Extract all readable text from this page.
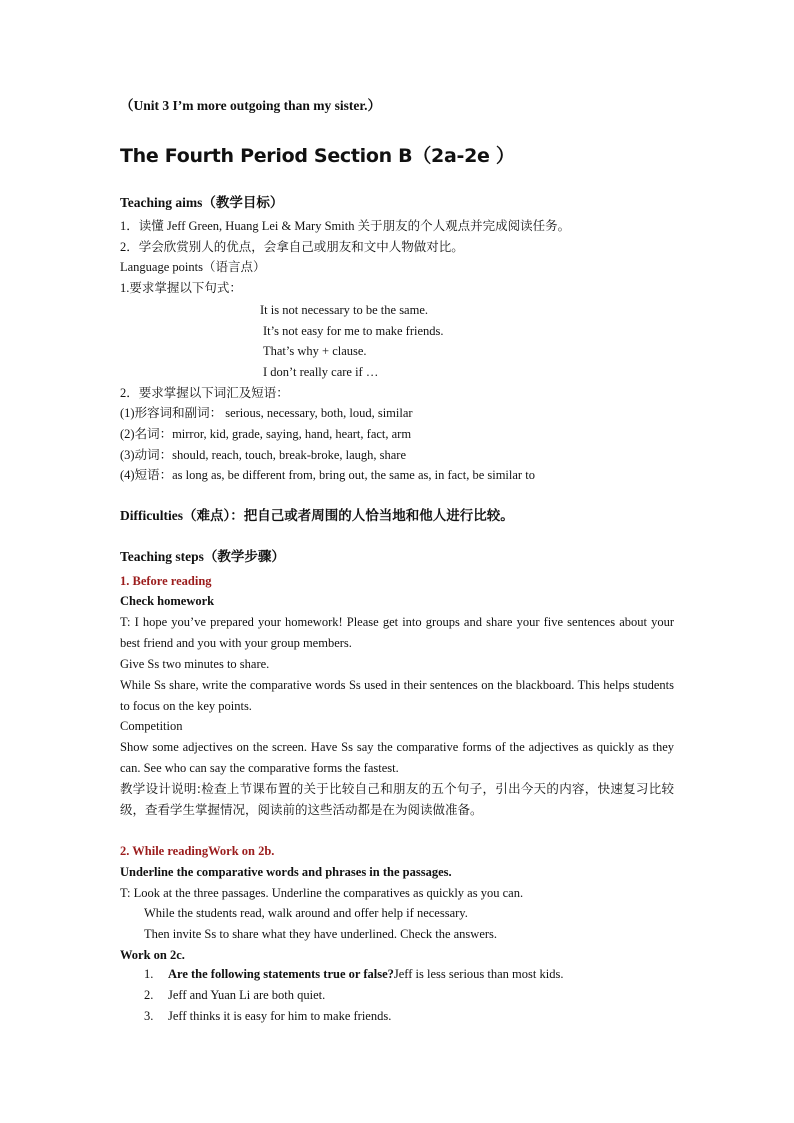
（Unit 3 I’m more outgoing than my sister.）
The Fourth Period Section B（2a-2e ）
Teaching aims（教学目标）
1．读懂 Jeff Green, Huang Lei & Mary Smith 关于朋友的个人观点并完成阅读任务。
2．学会欣赏别人的优点，会拿自己或朋友和文中人物做对比。
Language points（语言点）
1.要求掌握以下句式：
It is not necessary to be the same.
It’s not easy for me to make friends.
That’s why + clause.
I don’t really care if …
2．要求掌握以下词汇及短语：
(1)形容词和副词： serious, necessary, both, loud, similar
(2)名词：mirror, kid, grade, saying, hand, heart, fact, arm
(3)动词：should, reach, touch, break-broke, laugh, share
(4)短语：as long as, be different from, bring out, the same as, in fact, be similar to
Difficulties（难点）：把自己或者周围的人恰当地和他人进行比较。
Teaching steps（教学步骤）
1. Before reading
Check homework
T: I hope you’ve prepared your homework! Please get into groups and share your five sentences about your best friend and you with your group members.
Give Ss two minutes to share.
While Ss share, write the comparative words Ss used in their sentences on the blackboard. This helps students to focus on the key points.
Competition
Show some adjectives on the screen. Have Ss say the comparative forms of the adjectives as quickly as they can. See who can say the comparative forms the fastest.
教学设计说明:检查上节课布置的关于比较自己和朋友的五个句子，引出今天的内容，快速复习比较级，查看学生掌握情况，阅读前的这些活动都是在为阅读做准备。
2. While readingWork on 2b.
Underline the comparative words and phrases in the passages.
T: Look at the three passages. Underline the comparatives as quickly as you can.
While the students read, walk around and offer help if necessary.
Then invite Ss to share what they have underlined. Check the answers.
Work on 2c.
1. Are the following statements true or false?Jeff is less serious than most kids.
2. Jeff and Yuan Li are both quiet.
3. Jeff thinks it is easy for him to make friends.
